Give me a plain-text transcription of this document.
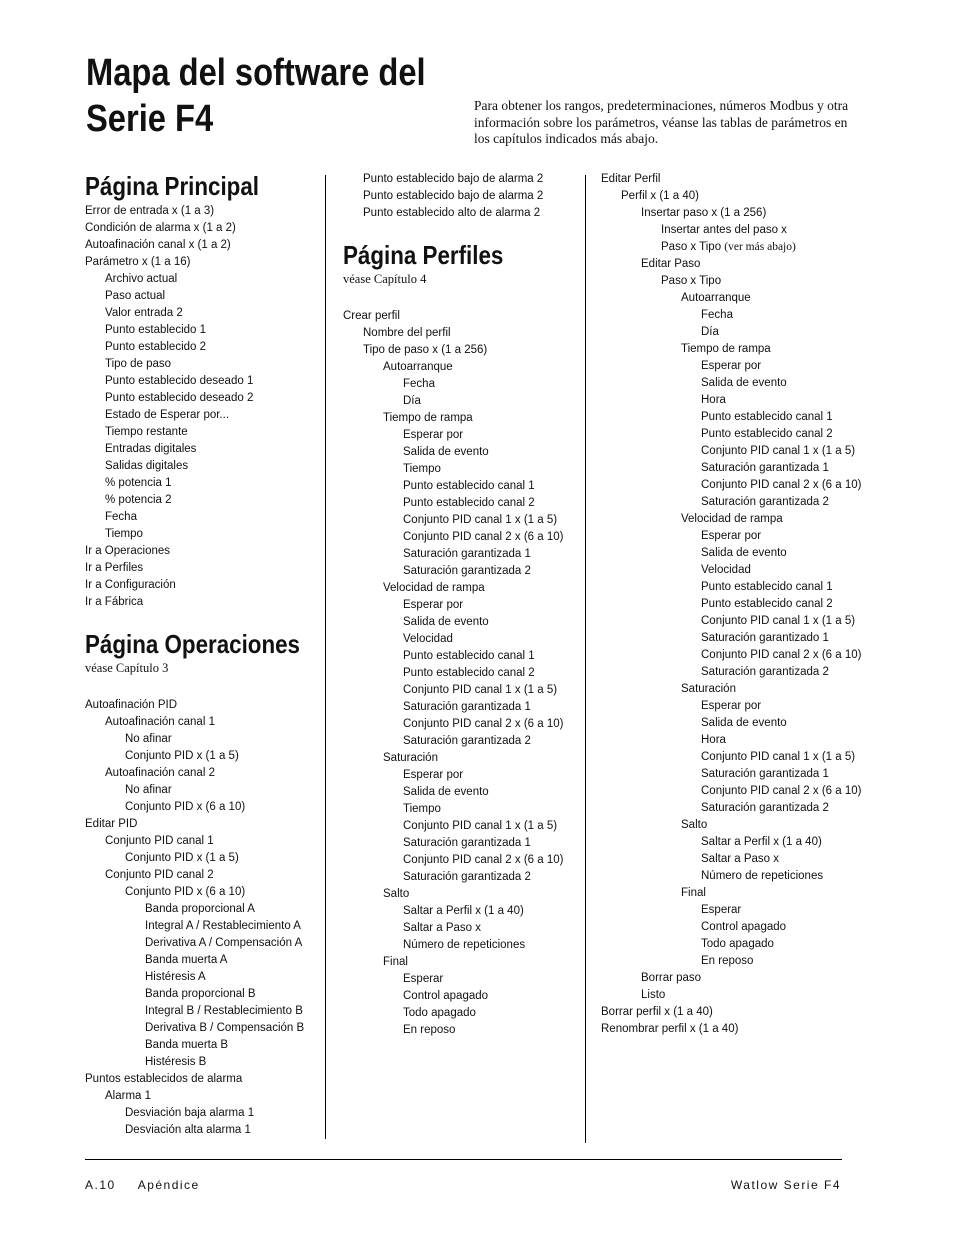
Mapa del software del Serie F4	Para obtener los rangos, predeterminaciones, números Modbus y otra información sobre los parámetros, véanse las tablas de parámetros en los capítulos indicados más abajo.

Página Principal
Error de entrada x (1 a 3)
Condición de alarma x (1 a 2)
Autoafinación canal x (1 a 2)
Parámetro x (1 a 16)
Archivo actual
Paso actual
Valor entrada 2
Punto establecido 1
Punto establecido 2
Tipo de paso
Punto establecido deseado 1
Punto establecido deseado 2
Estado de Esperar por...
Tiempo restante
Entradas digitales
Salidas digitales
% potencia 1
% potencia 2
Fecha
Tiempo
Ir a Operaciones
Ir a Perfiles
Ir a Configuración
Ir a Fábrica
Página Operaciones
véase Capítulo 3
Autoafinación PID
Autoafinación canal 1
No afinar
Conjunto PID x (1 a 5)
Autoafinación canal 2
No afinar
Conjunto PID x (6 a 10)
Editar PID
Conjunto PID canal 1
Conjunto PID x (1 a 5)
Conjunto PID canal 2
Conjunto PID x (6 a 10)
Banda proporcional A
Integral A / Restablecimiento A
Derivativa A / Compensación A
Banda muerta A
Histéresis A
Banda proporcional B
Integral B / Restablecimiento B
Derivativa B / Compensación B
Banda muerta B
Histéresis B
Puntos establecidos de alarma
Alarma 1
Desviación baja alarma 1
Desviación alta alarma 1
Punto establecido bajo de alarma 2
Punto establecido bajo de alarma 2
Punto establecido alto de alarma 2
Página Perfiles
véase Capítulo 4
Crear perfil
Nombre del perfil
Tipo de paso x (1 a 256)
Autoarranque
Fecha
Día
Tiempo de rampa
Esperar por
Salida de evento
Tiempo
Punto establecido canal 1
Punto establecido canal 2
Conjunto PID canal 1 x (1 a 5)
Conjunto PID canal 2 x (6 a 10)
Saturación garantizada 1
Saturación garantizada 2
Velocidad de rampa
Esperar por
Salida de evento
Velocidad
Punto establecido canal 1
Punto establecido canal 2
Conjunto PID canal 1 x (1 a 5)
Saturación garantizada 1
Conjunto PID canal 2 x (6 a 10)
Saturación garantizada 2
Saturación
Esperar por
Salida de evento
Tiempo
Conjunto PID canal 1 x (1 a 5)
Saturación garantizada 1
Conjunto PID canal 2 x (6 a 10)
Saturación garantizada 2
Salto
Saltar a Perfil x (1 a 40)
Saltar a Paso x
Número de repeticiones
Final
Esperar
Control apagado
Todo apagado
En reposo
Editar Perfil
Perfil x (1 a 40)
Insertar paso x (1 a 256)
Insertar antes del paso x
Paso x Tipo (ver más abajo)
Editar Paso
Paso x Tipo
Autoarranque
Fecha
Día
Tiempo de rampa
Esperar por
Salida de evento
Hora
Punto establecido canal 1
Punto establecido canal 2
Conjunto PID canal 1 x (1 a 5)
Saturación garantizada 1
Conjunto PID canal 2 x (6 a 10)
Saturación garantizada 2
Velocidad de rampa
Esperar por
Salida de evento
Velocidad
Punto establecido canal 1
Punto establecido canal 2
Conjunto PID canal 1 x (1 a 5)
Saturación garantizado 1
Conjunto PID canal 2 x (6 a 10)
Saturación garantizada 2
Saturación
Esperar por
Salida de evento
Hora
Conjunto PID canal 1 x (1 a 5)
Saturación garantizada 1
Conjunto PID canal 2 x (6 a 10)
Saturación garantizada 2
Salto
Saltar a Perfil x (1 a 40)
Saltar a Paso x
Número de repeticiones
Final
Esperar
Control apagado
Todo apagado
En reposo
Borrar paso
Listo
Borrar perfil x (1 a 40)
Renombrar perfil x (1 a 40)
A.10 Apéndice	Watlow Serie F4
